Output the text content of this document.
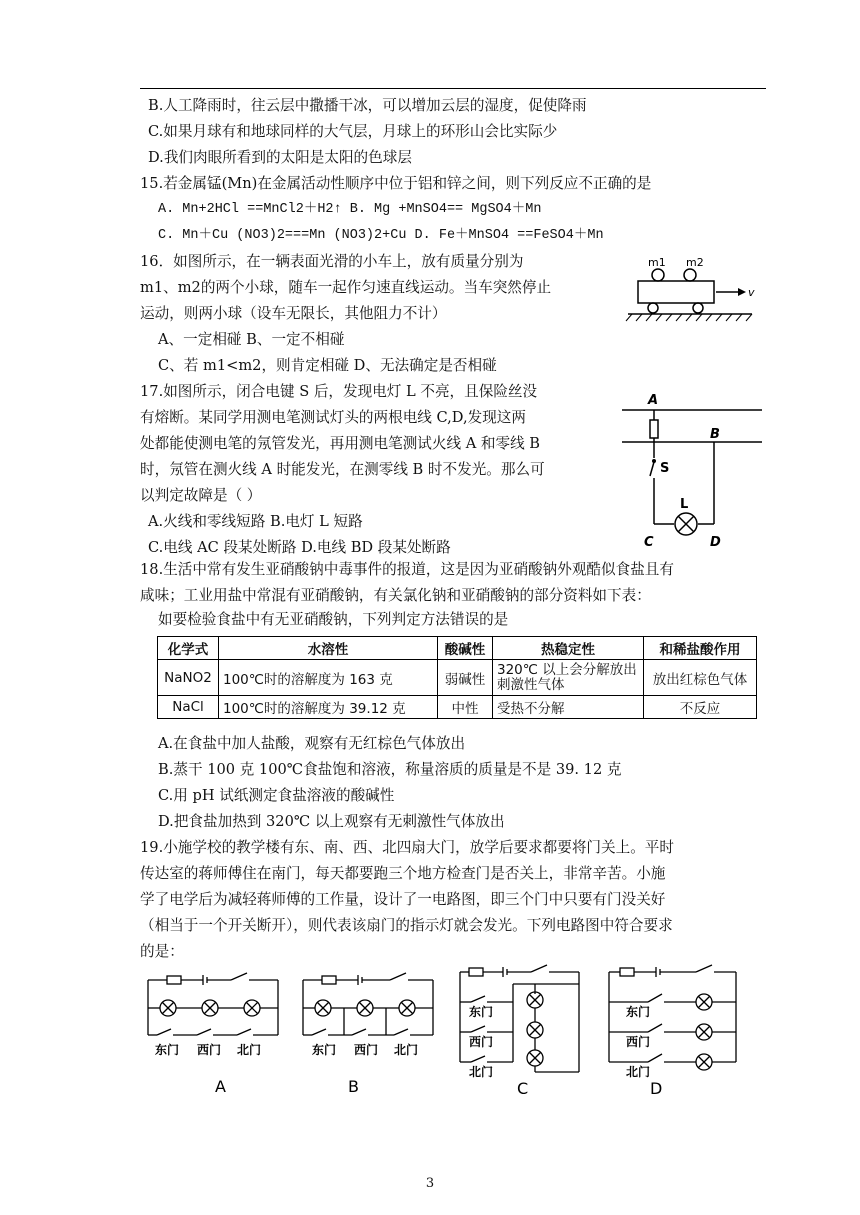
B.人工降雨时，往云层中撒播干冰，可以增加云层的湿度，促使降雨
C.如果月球有和地球同样的大气层，月球上的环形山会比实际少
D.我们肉眼所看到的太阳是太阳的色球层
15.若金属锰(Mn)在金属活动性顺序中位于铝和锌之间，则下列反应不正确的是
A. Mn+2HCl ==MnCl2＋H2↑ B. Mg +MnSO4== MgSO4＋Mn
C. Mn＋Cu (NO3)2===Mn (NO3)2+Cu D. Fe＋MnSO4 ==FeSO4＋Mn
16．如图所示，在一辆表面光滑的小车上，放有质量分别为
m1、m2的两个小球，随车一起作匀速直线运动。当车突然停止
运动，则两小球（设车无限长，其他阻力不计）
A、一定相碰 B、一定不相碰
C、若 m1<m2，则肯定相碰 D、无法确定是否相碰
m1 m2
v
17.如图所示，闭合电键 S 后，发现电灯 L 不亮，且保险丝没
有熔断。某同学用测电笔测试灯头的两根电线 C,D,发现这两
处都能使测电笔的氖管发光，再用测电笔测试火线 A 和零线 B
时，氖管在测火线 A 时能发光，在测零线 B 时不发光。那么可
以判定故障是（ ）
A.火线和零线短路 B.电灯 L 短路
C.电线 AC 段某处断路 D.电线 BD 段某处断路
A
B
S
L
C	D
18.生活中常有发生亚硝酸钠中毒事件的报道，这是因为亚硝酸钠外观酷似食盐且有
咸味；工业用盐中常混有亚硝酸钠，有关氯化钠和亚硝酸钠的部分资料如下表：
如要检验食盐中有无亚硝酸钠，下列判定方法错误的是
化学式	水溶性	酸碱性	热稳定性	和稀盐酸作用
NaNO2	100℃时的溶解度为 163 克	弱碱性	320℃ 以上会分解放出刺激性气体	放出红棕色气体
NaCl	100℃时的溶解度为 39.12 克	中性	受热不分解	不反应
A.在食盐中加人盐酸，观察有无红棕色气体放出
B.蒸干 100 克 100℃食盐饱和溶液，称量溶质的质量是不是 39. 12 克
C.用 pH 试纸测定食盐溶液的酸碱性
D.把食盐加热到 320℃ 以上观察有无刺激性气体放出
19.小施学校的教学楼有东、南、西、北四扇大门，放学后要求都要将门关上。平时
传达室的蒋师傅住在南门，每天都要跑三个地方检查门是否关上，非常辛苦。小施
学了电学后为减轻蒋师傅的工作量，设计了一电路图，即三个门中只要有门没关好
（相当于一个开关断开），则代表该扇门的指示灯就会发光。下列电路图中符合要求
的是：
东门 西门 北门
A
东门 西门 北门
B
东门
西门
北门
C
东门
西门
北门
D
3
